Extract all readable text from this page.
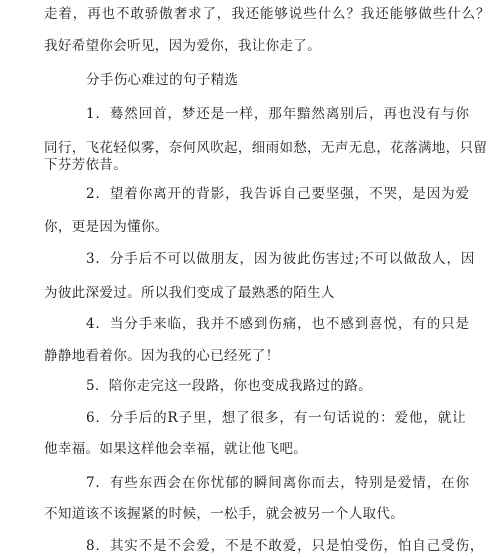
走着，再也不敢骄傲奢求了，我还能够说些什么？我还能够做些什么？
我好希望你会听见，因为爱你，我让你走了。
分手伤心难过的句子精选
1．蓦然回首，梦还是一样，那年黯然离别后，再也没有与你
同行，飞花轻似雾，奈何风吹起，细雨如愁，无声无息，花落满地，只留
下芬芳依昔。
2．望着你离开的背影，我告诉自己要坚强，不哭，是因为爱
你，更是因为懂你。
3．分手后不可以做朋友，因为彼此伤害过;不可以做敌人，因
为彼此深爱过。所以我们变成了最熟悉的陌生人
4．当分手来临，我并不感到伤痛，也不感到喜悦，有的只是
静静地看着你。因为我的心已经死了！
5．陪你走完这一段路，你也变成我路过的路。
6．分手后的R子里，想了很多，有一句话说的：爱他，就让
他幸福。如果这样他会幸福，就让他飞吧。
7．有些东西会在你忧郁的瞬间离你而去，特别是爱情，在你
不知道该不该握紧的时候，一松手，就会被另一个人取代。
8．其实不是不会爱，不是不敢爱，只是怕受伤，怕自己受伤，
